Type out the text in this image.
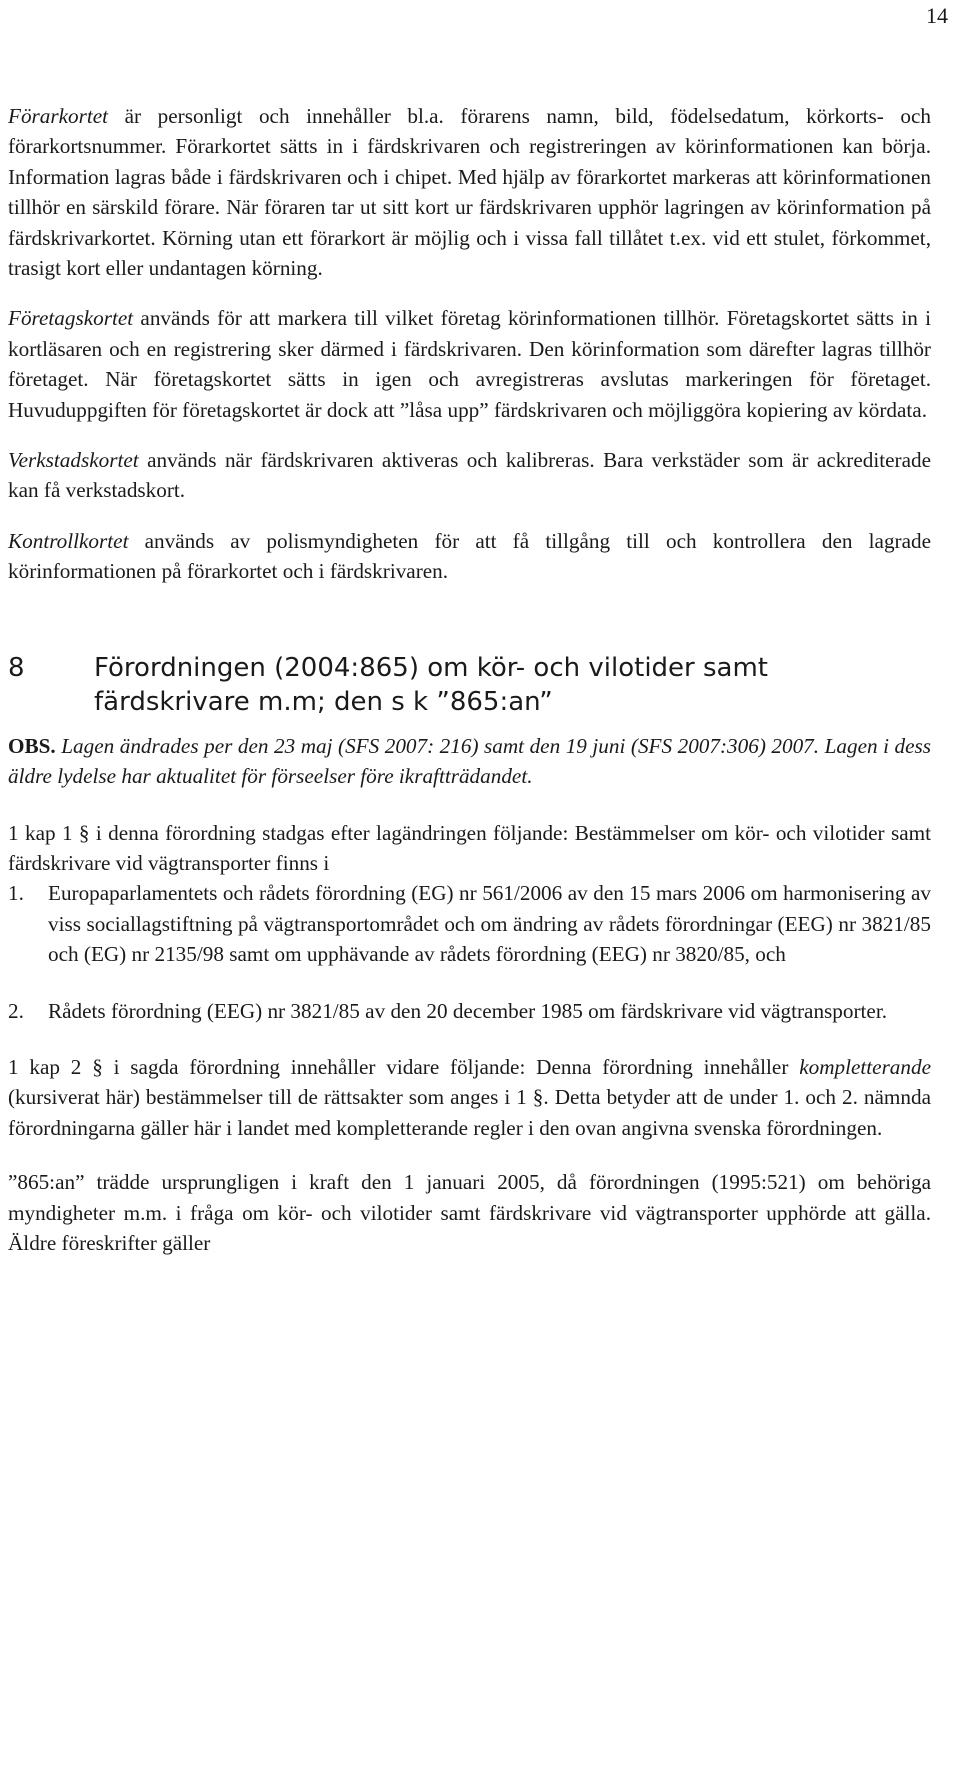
14

Förarkortet är personligt och innehåller bl.a. förarens namn, bild, födelsedatum, körkorts- och förarkortsnummer. Förarkortet sätts in i färdskrivaren och registreringen av körinformationen kan börja. Information lagras både i färdskrivaren och i chipet. Med hjälp av förarkortet markeras att körinformationen tillhör en särskild förare. När föraren tar ut sitt kort ur färdskrivaren upphör lagringen av körinformation på färdskrivarkortet. Körning utan ett förarkort är möjlig och i vissa fall tillåtet t.ex. vid ett stulet, förkommet, trasigt kort eller undantagen körning.

Företagskortet används för att markera till vilket företag körinformationen tillhör. Företagskortet sätts in i kortläsaren och en registrering sker därmed i färdskrivaren. Den körinformation som därefter lagras tillhör företaget. När företagskortet sätts in igen och avregistreras avslutas markeringen för företaget. Huvuduppgiften för företagskortet är dock att ”låsa upp” färdskrivaren och möjliggöra kopiering av kördata.

Verkstadskortet används när färdskrivaren aktiveras och kalibreras. Bara verkstäder som är ackrediterade kan få verkstadskort.

Kontrollkortet används av polismyndigheten för att få tillgång till och kontrollera den lagrade körinformationen på förarkortet och i färdskrivaren.

8	Förordningen (2004:865) om kör- och vilotider samt färdskrivare m.m; den s k ”865:an”

OBS. Lagen ändrades per den 23 maj (SFS 2007: 216) samt den 19 juni (SFS 2007:306) 2007. Lagen i dess äldre lydelse har aktualitet för förseelser före ikraftträdandet.

1 kap 1 § i denna förordning stadgas efter lagändringen följande: Bestämmelser om kör- och vilotider samt färdskrivare vid vägtransporter finns i

1.	Europaparlamentets och rådets förordning (EG) nr 561/2006 av den 15 mars 2006 om harmonisering av viss sociallagstiftning på vägtransportområdet och om ändring av rådets förordningar (EEG) nr 3821/85 och (EG) nr 2135/98 samt om upphävande av rådets förordning (EEG) nr 3820/85, och
2.	Rådets förordning (EEG) nr 3821/85 av den 20 december 1985 om färdskrivare vid vägtransporter.

1 kap 2 § i sagda förordning innehåller vidare följande: Denna förordning innehåller kompletterande (kursiverat här) bestämmelser till de rättsakter som anges i 1 §. Detta betyder att de under 1. och 2. nämnda förordningarna gäller här i landet med kompletterande regler i den ovan angivna svenska förordningen.

”865:an” trädde ursprungligen i kraft den 1 januari 2005, då förordningen (1995:521) om behöriga myndigheter m.m. i fråga om kör- och vilotider samt färdskrivare vid vägtransporter upphörde att gälla. Äldre föreskrifter gäller
